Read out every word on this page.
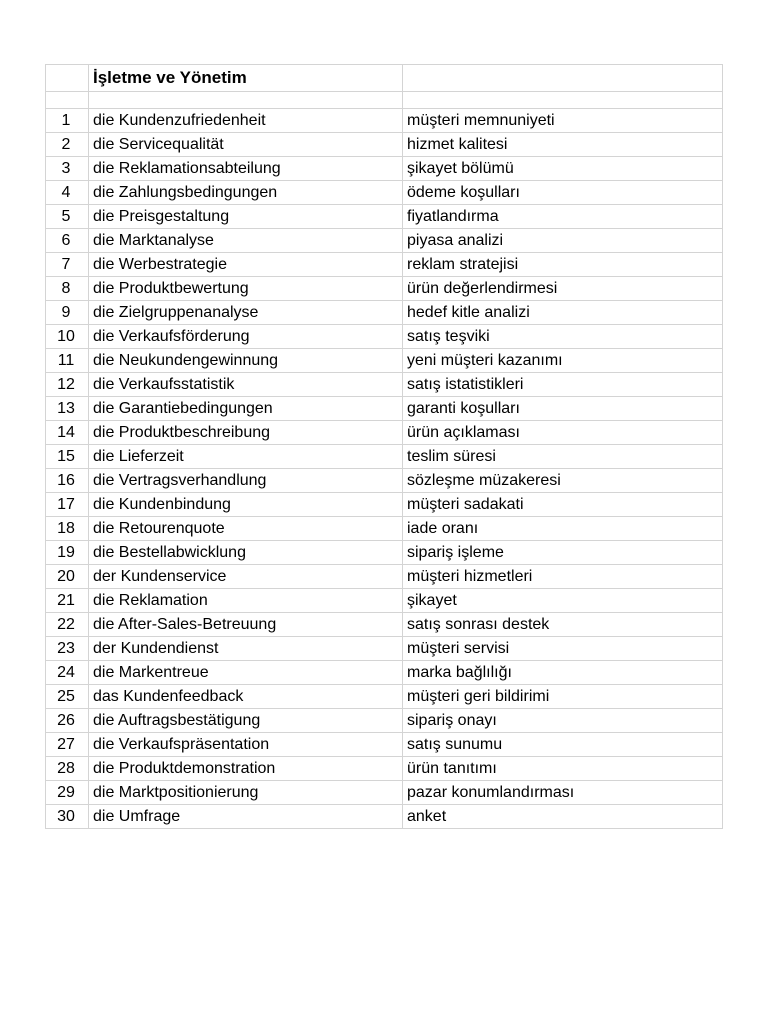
	İşletme ve Yönetim	

1	die Kundenzufriedenheit	müşteri memnuniyeti
2	die Servicequalität	hizmet kalitesi
3	die Reklamationsabteilung	şikayet bölümü
4	die Zahlungsbedingungen	ödeme koşulları
5	die Preisgestaltung	fiyatlandırma
6	die Marktanalyse	piyasa analizi
7	die Werbestrategie	reklam stratejisi
8	die Produktbewertung	ürün değerlendirmesi
9	die Zielgruppenanalyse	hedef kitle analizi
10	die Verkaufsförderung	satış teşviki
11	die Neukundengewinnung	yeni müşteri kazanımı
12	die Verkaufsstatistik	satış istatistikleri
13	die Garantiebedingungen	garanti koşulları
14	die Produktbeschreibung	ürün açıklaması
15	die Lieferzeit	teslim süresi
16	die Vertragsverhandlung	sözleşme müzakeresi
17	die Kundenbindung	müşteri sadakati
18	die Retourenquote	iade oranı
19	die Bestellabwicklung	sipariş işleme
20	der Kundenservice	müşteri hizmetleri
21	die Reklamation	şikayet
22	die After-Sales-Betreuung	satış sonrası destek
23	der Kundendienst	müşteri servisi
24	die Markentreue	marka bağlılığı
25	das Kundenfeedback	müşteri geri bildirimi
26	die Auftragsbestätigung	sipariş onayı
27	die Verkaufspräsentation	satış sunumu
28	die Produktdemonstration	ürün tanıtımı
29	die Marktpositionierung	pazar konumlandırması
30	die Umfrage	anket
